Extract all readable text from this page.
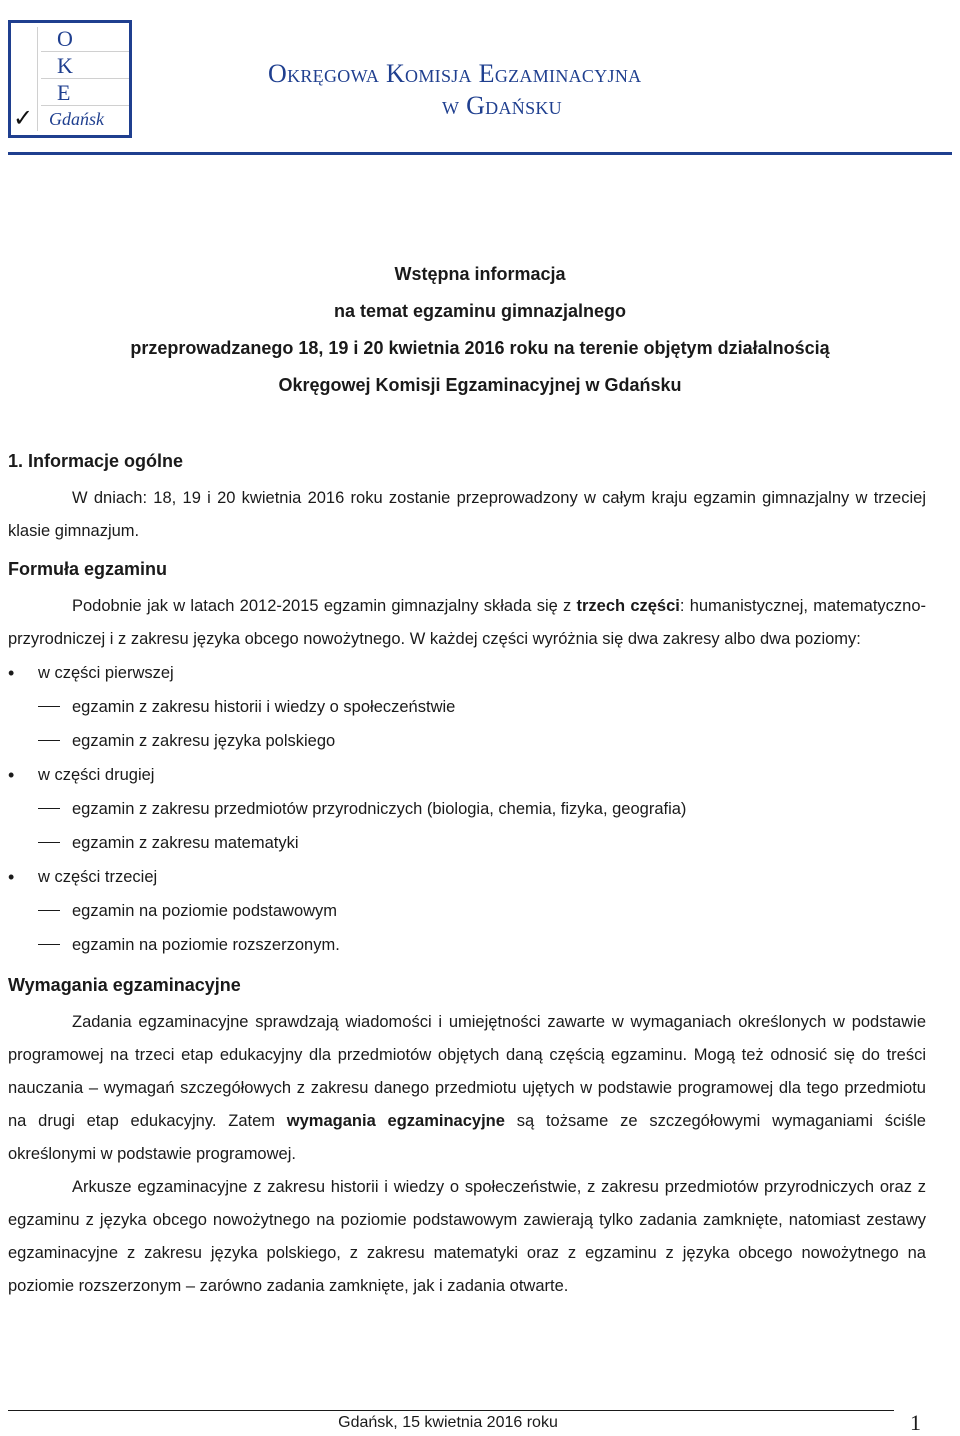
O
K
E
Gdańsk
✓
Okręgowa Komisja Egzaminacyjna
w Gdańsku
Wstępna informacja
na temat egzaminu gimnazjalnego
przeprowadzanego 18, 19 i 20 kwietnia 2016 roku na terenie objętym działalnością
Okręgowej Komisji Egzaminacyjnej w Gdańsku
1. Informacje ogólne

W dniach: 18, 19 i 20 kwietnia 2016 roku zostanie przeprowadzony w całym kraju egzamin gimnazjalny w trzeciej klasie gimnazjum.

Formuła egzaminu

Podobnie jak w latach 2012-2015 egzamin gimnazjalny składa się z trzech części: humanistycznej, matematyczno-przyrodniczej i z zakresu języka obcego nowożytnego. W każdej części wyróżnia się dwa zakresy albo dwa poziomy:

• w części pierwszej
egzamin z zakresu historii i wiedzy o społeczeństwie
egzamin z zakresu języka polskiego
• w części drugiej
egzamin z zakresu przedmiotów przyrodniczych (biologia, chemia, fizyka, geografia)
egzamin z zakresu matematyki
• w części trzeciej
egzamin na poziomie podstawowym
egzamin na poziomie rozszerzonym.
Wymagania egzaminacyjne

Zadania egzaminacyjne sprawdzają wiadomości i umiejętności zawarte w wymaganiach określonych w podstawie programowej na trzeci etap edukacyjny dla przedmiotów objętych daną częścią egzaminu. Mogą też odnosić się do treści nauczania – wymagań szczegółowych z zakresu danego przedmiotu ujętych w podstawie programowej dla tego przedmiotu na drugi etap edukacyjny. Zatem wymagania egzaminacyjne są tożsame ze szczegółowymi wymaganiami ściśle określonymi w podstawie programowej.

Arkusze egzaminacyjne z zakresu historii i wiedzy o społeczeństwie, z zakresu przedmiotów przyrodniczych oraz z egzaminu z języka obcego nowożytnego na poziomie podstawowym zawierają tylko zadania zamknięte, natomiast zestawy egzaminacyjne z zakresu języka polskiego, z zakresu matematyki oraz z egzaminu z języka obcego nowożytnego na poziomie rozszerzonym – zarówno zadania zamknięte, jak i zadania otwarte.

Gdańsk, 15 kwietnia 2016 roku	1
